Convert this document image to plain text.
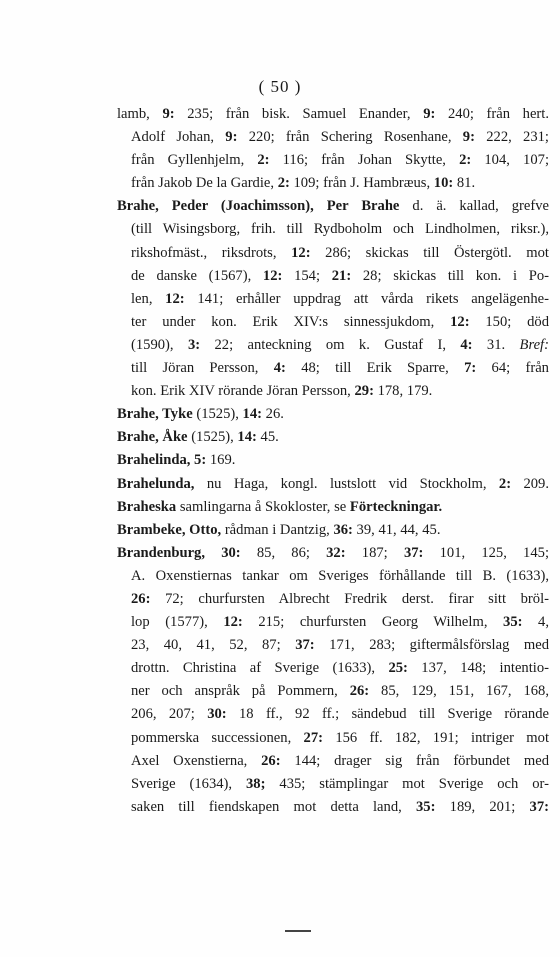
( 50 )
lamb, 9: 235; från bisk. Samuel Enander, 9: 240; från hert.
Adolf Johan, 9: 220; från Schering Rosenhane, 9: 222, 231;
från Gyllenhjelm, 2: 116; från Johan Skytte, 2: 104, 107;
från Jakob De la Gardie, 2: 109; från J. Hambræus, 10: 81.
Brahe, Peder (Joachimsson), Per Brahe d. ä. kallad, grefve
(till Wisingsborg, frih. till Rydboholm och Lindholmen, riksr.),
rikshofmäst., riksdrots, 12: 286; skickas till Östergötl. mot
de danske (1567), 12: 154; 21: 28; skickas till kon. i Po-
len, 12: 141; erhåller uppdrag att vårda rikets angelägenhe-
ter under kon. Erik XIV:s sinnessjukdom, 12: 150; död
(1590), 3: 22; anteckning om k. Gustaf I, 4: 31. Bref:
till Jöran Persson, 4: 48; till Erik Sparre, 7: 64; från
kon. Erik XIV rörande Jöran Persson, 29: 178, 179.
Brahe, Tyke (1525), 14: 26.
Brahe, Åke (1525), 14: 45.
Brahelinda, 5: 169.
Brahelunda, nu Haga, kongl. lustslott vid Stockholm, 2: 209.
Braheska samlingarna å Skokloster, se Förteckningar.
Brambeke, Otto, rådman i Dantzig, 36: 39, 41, 44, 45.
Brandenburg, 30: 85, 86; 32: 187; 37: 101, 125, 145;
A. Oxenstiernas tankar om Sveriges förhållande till B. (1633),
26: 72; churfursten Albrecht Fredrik derst. firar sitt bröl-
lop (1577), 12: 215; churfursten Georg Wilhelm, 35: 4,
23, 40, 41, 52, 87; 37: 171, 283; giftermålsförslag med
drottn. Christina af Sverige (1633), 25: 137, 148; intentio-
ner och anspråk på Pommern, 26: 85, 129, 151, 167, 168,
206, 207; 30: 18 ff., 92 ff.; sändebud till Sverige rörande
pommerska successionen, 27: 156 ff. 182, 191; intriger mot
Axel Oxenstierna, 26: 144; drager sig från förbundet med
Sverige (1634), 38; 435; stämplingar mot Sverige och or-
saken till fiendskapen mot detta land, 35: 189, 201; 37:
